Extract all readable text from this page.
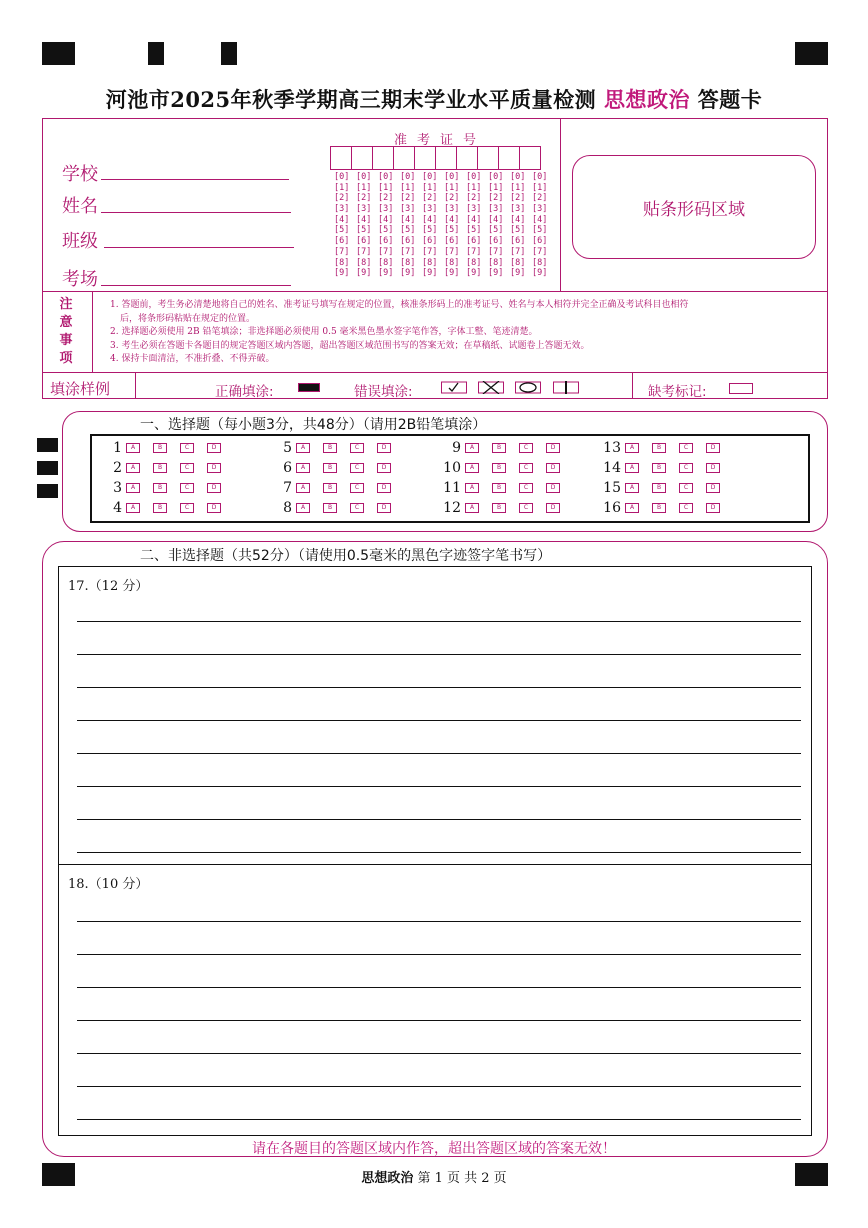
河池市2025年秋季学期高三期末学业水平质量检测 思想政治 答题卡
学校
姓名
班级
考场
准考证号
[0] [0] [0] [0] [0] [0] [0] [0] [0] [0]
[1] [1] [1] [1] [1] [1] [1] [1] [1] [1]
[2] [2] [2] [2] [2] [2] [2] [2] [2] [2]
[3] [3] [3] [3] [3] [3] [3] [3] [3] [3]
[4] [4] [4] [4] [4] [4] [4] [4] [4] [4]
[5] [5] [5] [5] [5] [5] [5] [5] [5] [5]
[6] [6] [6] [6] [6] [6] [6] [6] [6] [6]
[7] [7] [7] [7] [7] [7] [7] [7] [7] [7]
[8] [8] [8] [8] [8] [8] [8] [8] [8] [8]
[9] [9] [9] [9] [9] [9] [9] [9] [9] [9]
贴条形码区域
注
意
事
项
1. 答题前，考生务必清楚地将自己的姓名、准考证号填写在规定的位置，核准条形码上的准考证号、姓名与本人相符并完全正确及考试科目也相符
后，将条形码粘贴在规定的位置。
2. 选择题必须使用 2B 铅笔填涂；非选择题必须使用 0.5 毫米黑色墨水签字笔作答，字体工整、笔迹清楚。
3. 考生必须在答题卡各题目的规定答题区域内答题，超出答题区域范围书写的答案无效；在草稿纸、试题卷上答题无效。
4. 保持卡面清洁，不准折叠、不得弄破。
填涂样例	正确填涂:	错误填涂:	缺考标记:
一、选择题（每小题3分，共48分）（请用2B铅笔填涂）
1	A	B	C	D
2	A	B	C	D
3	A	B	C	D
4	A	B	C	D
5	A	B	C	D
6	A	B	C	D
7	A	B	C	D
8	A	B	C	D
9	A	B	C	D
10	A	B	C	D
11	A	B	C	D
12	A	B	C	D
13	A	B	C	D
14	A	B	C	D
15	A	B	C	D
16	A	B	C	D
二、非选择题（共52分）（请使用0.5毫米的黑色字迹签字笔书写）
17.（12 分）
18.（10 分）
请在各题目的答题区域内作答，超出答题区域的答案无效！
思想政治 第 1 页 共 2 页
